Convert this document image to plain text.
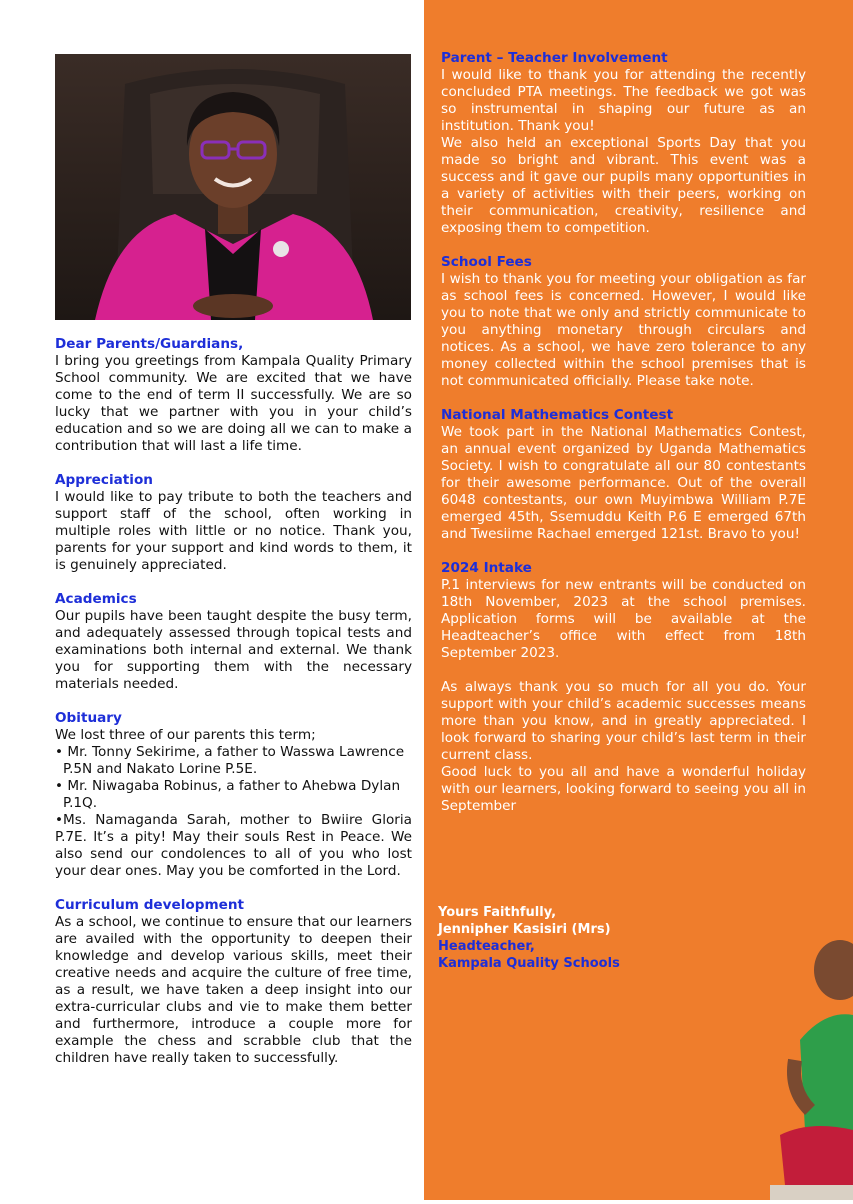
Dear Parents/Guardians,

I bring you greetings from Kampala Quality Primary School community. We are excited that we have come to the end of term II successfully. We are so lucky that we partner with you in your child’s education and so we are doing all we can to make a contribution that will last a life time.

Appreciation

I would like to pay tribute to both the teachers and support staff of the school, often working in multiple roles with little or no notice. Thank you, parents for your support and kind words to them, it is genuinely appreciated.

Academics

Our pupils have been taught despite the busy term, and adequately assessed through topical tests and examinations both internal and external. We thank you for supporting them with the necessary materials needed.

Obituary

We lost three of our parents this term;

• Mr. Tonny Sekirime, a father to Wasswa Lawrence P.5N and Nakato Lorine P.5E.

• Mr. Niwagaba Robinus, a father to Ahebwa Dylan P.1Q.

•Ms. Namaganda Sarah, mother to Bwiire Gloria P.7E. It’s a pity! May their souls Rest in Peace. We also send our condolences to all of you who lost your dear ones. May you be comforted in the Lord.

Curriculum development

As a school, we continue to ensure that our learners are availed with the opportunity to deepen their knowledge and develop various skills, meet their creative needs and acquire the culture of free time, as a result, we have taken a deep insight into our extra-curricular clubs and vie to make them better and furthermore, introduce a couple more for example the chess and scrabble club that the children have really taken to successfully.

Parent – Teacher Involvement

I would like to thank you for attending the recently concluded PTA meetings. The feedback we got was so instrumental in shaping our future as an institution. Thank you!

We also held an exceptional Sports Day that you made so bright and vibrant. This event was a success and it gave our pupils many opportunities in a variety of activities with their peers, working on their communication, creativity, resilience and exposing them to competition.

School Fees

I wish to thank you for meeting your obligation as far as school fees is concerned. However, I would like you to note that we only and strictly communicate to you anything monetary through circulars and notices. As a school, we have zero tolerance to any money collected within the school premises that is not communicated officially. Please take note.

National Mathematics Contest

We took part in the National Mathematics Contest, an annual event organized by Uganda Mathematics Society. I wish to congratulate all our 80 contestants for their awesome performance. Out of the overall 6048 contestants, our own Muyimbwa William P.7E emerged 45th, Ssemuddu Keith P.6 E emerged 67th and Twesiime Rachael emerged 121st. Bravo to you!

2024 Intake

P.1 interviews for new entrants will be conducted on 18th November, 2023 at the school premises. Application forms will be available at the Headteacher’s office with effect from 18th September 2023.

As always thank you so much for all you do. Your support with your child’s academic successes means more than you know, and in greatly appreciated. I look forward to sharing your child’s last term in their current class.

Good luck to you all and have a wonderful holiday with our learners, looking forward to seeing you all in September

Yours Faithfully,

Jennipher Kasisiri (Mrs)

Headteacher,

Kampala Quality Schools
